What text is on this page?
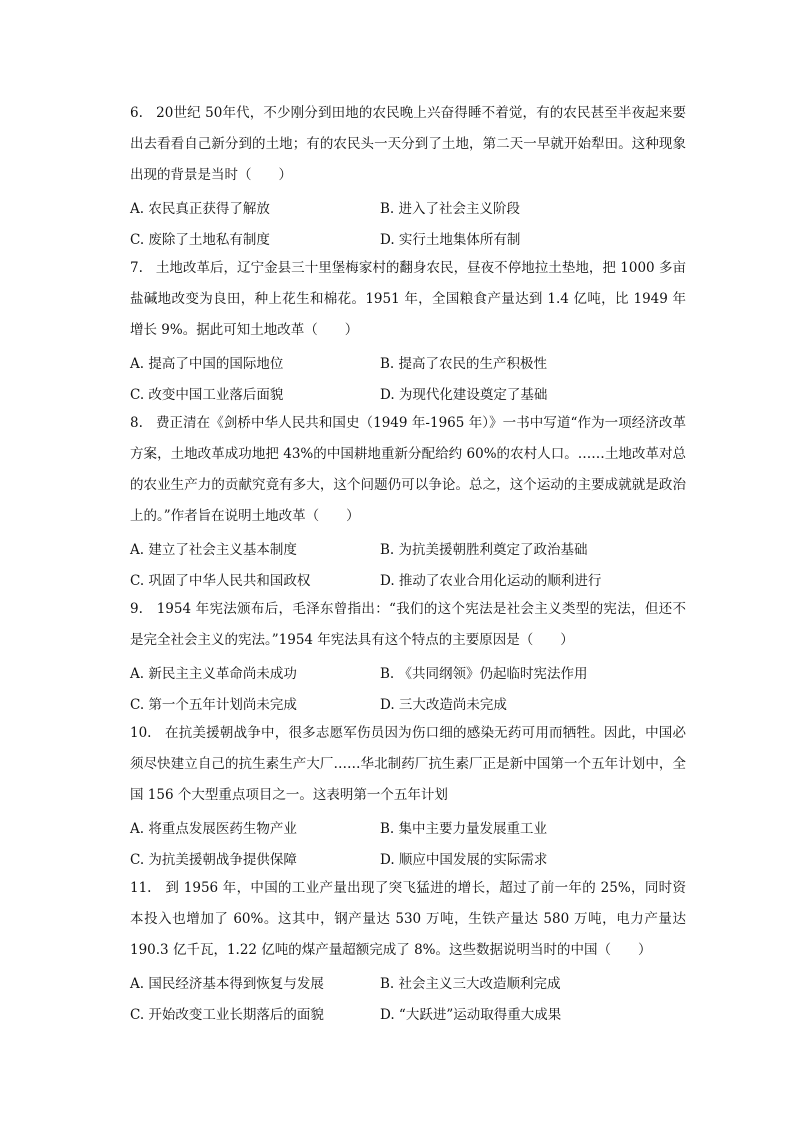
6.   20世纪 50年代，不少刚分到田地的农民晚上兴奋得睡不着觉，有的农民甚至半夜起来要出去看看自己新分到的土地；有的农民头一天分到了土地，第二天一早就开始犁田。这种现象出现的背景是当时（　　）

A. 农民真正获得了解放	B. 进入了社会主义阶段
C. 废除了土地私有制度	D. 实行土地集体所有制

7.   土地改革后，辽宁金县三十里堡梅家村的翻身农民，昼夜不停地拉土垫地，把 1000 多亩盐碱地改变为良田，种上花生和棉花。1951 年，全国粮食产量达到 1.4 亿吨，比 1949 年增长 9%。据此可知土地改革（　　）

A. 提高了中国的国际地位	B. 提高了农民的生产积极性
C. 改变中国工业落后面貌	D. 为现代化建设奠定了基础

8.   费正清在《剑桥中华人民共和国史（1949 年-1965 年）》一书中写道“作为一项经济改革方案，土地改革成功地把 43%的中国耕地重新分配给约 60%的农村人口。……土地改革对总的农业生产力的贡献究竟有多大，这个问题仍可以争论。总之，这个运动的主要成就就是政治上的。”作者旨在说明土地改革（　　）

A. 建立了社会主义基本制度	B. 为抗美援朝胜利奠定了政治基础
C. 巩固了中华人民共和国政权	D. 推动了农业合用化运动的顺利进行

9.   1954 年宪法颁布后，毛泽东曾指出：“我们的这个宪法是社会主义类型的宪法，但还不是完全社会主义的宪法。”1954 年宪法具有这个特点的主要原因是（　　）

A. 新民主主义革命尚未成功	B. 《共同纲领》仍起临时宪法作用
C. 第一个五年计划尚未完成	D. 三大改造尚未完成

10.   在抗美援朝战争中，很多志愿军伤员因为伤口细的感染无药可用而牺牲。因此，中国必须尽快建立自己的抗生素生产大厂……华北制药厂抗生素厂正是新中国第一个五年计划中，全国 156 个大型重点项目之一。这表明第一个五年计划

A. 将重点发展医药生物产业	B. 集中主要力量发展重工业
C. 为抗美援朝战争提供保障	D. 顺应中国发展的实际需求

11.   到 1956 年，中国的工业产量出现了突飞猛进的增长，超过了前一年的 25%，同时资本投入也增加了 60%。这其中，钢产量达 530 万吨，生铁产量达 580 万吨，电力产量达 190.3 亿千瓦，1.22 亿吨的煤产量超额完成了 8%。这些数据说明当时的中国（　　）

A. 国民经济基本得到恢复与发展	B. 社会主义三大改造顺利完成
C. 开始改变工业长期落后的面貌	D. “大跃进”运动取得重大成果
